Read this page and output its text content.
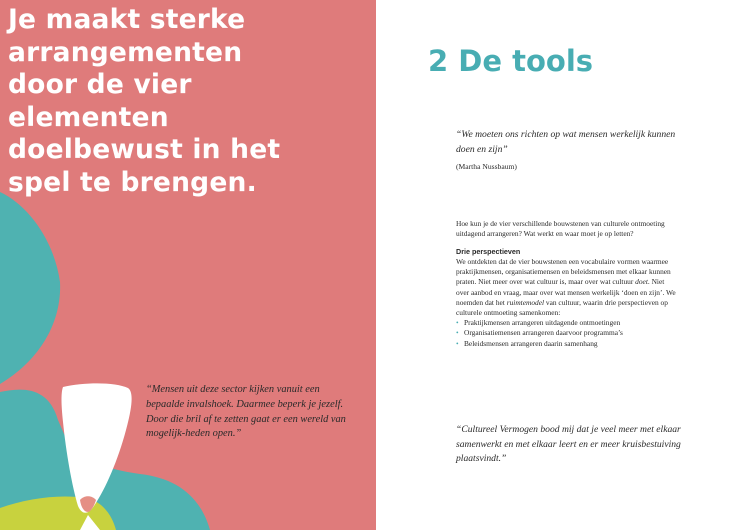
Je maakt sterke
arrangementen
door de vier
elementen
doelbewust in het
spel te brengen.
“Mensen uit deze sector kijken vanuit een bepaalde invalshoek. Daarmee beperk je jezelf. Door die bril af te zetten gaat er een wereld van mogelijk-heden open.”
2 De tools
“We moeten ons richten op wat mensen werkelijk kunnen doen en zijn”
(Martha Nussbaum)

Hoe kun je de vier verschillende bouwstenen van culturele ontmoeting uitdagend arrangeren? Wat werkt en waar moet je op letten?

Drie perspectieven

We ontdekten dat de vier bouwstenen een vocabulaire vormen waarmee praktijkmensen, organisatiemensen en beleidsmensen met elkaar kunnen praten. Niet meer over wat cultuur is, maar over wat cultuur doet. Niet over aanbod en vraag, maar over wat mensen werkelijk ‘doen en zijn’. We noemden dat het ruimtemodel van cultuur, waarin drie perspectieven op culturele ontmoeting samenkomen:

• Praktijkmensen arrangeren uitdagende ontmoetingen
• Organisatiemensen arrangeren daarvoor programma’s
• Beleidsmensen arrangeren daarin samenhang
“Cultureel Vermogen bood mij dat je veel meer met elkaar samenwerkt en met elkaar leert en er meer kruisbestuiving plaatsvindt.”
